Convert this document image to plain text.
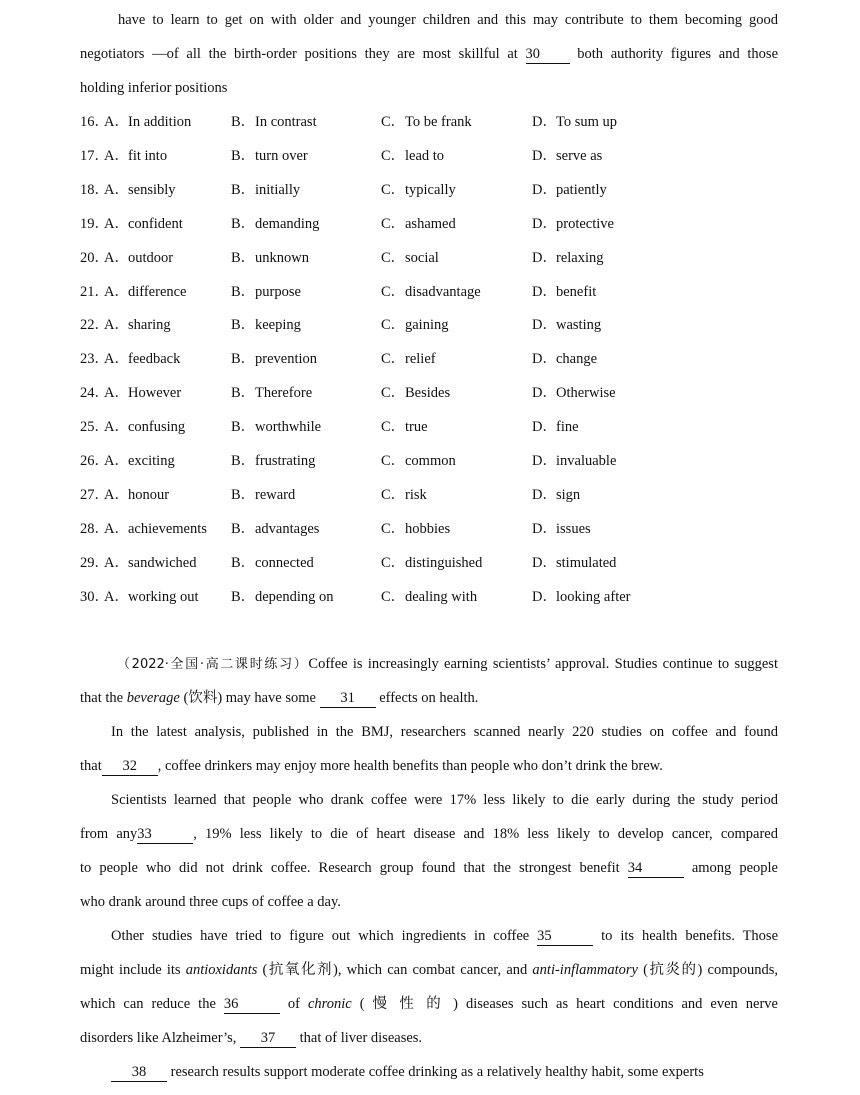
have to learn to get on with older and younger children and this may contribute to them becoming good
negotiators —of all the birth-order positions they are most skillful at 30	both authority figures and those
holding inferior positions
16．
A．In addition	B．In contrast	C．To be frank	D．To sum up
17．
A．fit into	B．turn over	C．lead to	D．serve as
18．
A．sensibly	B．initially	C．typically	D．patiently
19．
A．confident	B．demanding	C．ashamed	D．protective
20．
A．outdoor	B．unknown	C．social	D．relaxing
21．
A．difference	B．purpose	C．disadvantage	D．benefit
22．
A．sharing	B．keeping	C．gaining	D．wasting
23．
A．feedback	B．prevention	C．relief	D．change
24．
A．However	B．Therefore	C．Besides	D．Otherwise
25．
A．confusing	B．worthwhile	C．true	D．fine
26．
A．exciting	B．frustrating	C．common	D．invaluable
27．
A．honour	B．reward	C．risk	D．sign
28．
A．achievements B．advantages	C．hobbies	D．issues
29．
A．sandwiched B．connected	C．distinguished	D．stimulated
30．
A．working out B．depending on	C．dealing with	D．looking after
（2022·全国·高二课时练习）Coffee is increasingly earning scientists’ approval. Studies continue to suggest
that the beverage (饮料) may have some 31 effects on health.
In the latest analysis, published in the BMJ, researchers scanned nearly 220 studies on coffee and found
that 32 , coffee drinkers may enjoy more health benefits than people who don’t drink the brew.
Scientists learned that people who drank coffee were 17% less likely to die early during the study period
from any33	, 19% less likely to die of heart disease and 18% less likely to develop cancer, compared
to people who did not drink coffee. Research group found that the strongest benefit 34	among people
who drank around three cups of coffee a day.
Other studies have tried to figure out which ingredients in coffee 35	to its health benefits. Those
might include its antioxidants (抗氧化剂), which can combat cancer, and anti-inflammatory (抗炎的) compounds,
which can reduce the 36	of chronic ( 慢 性 的 ) diseases such as heart conditions and even nerve
disorders like Alzheimer’s, 37 that of liver diseases.
38 research results support moderate coffee drinking as a relatively healthy habit, some experts
